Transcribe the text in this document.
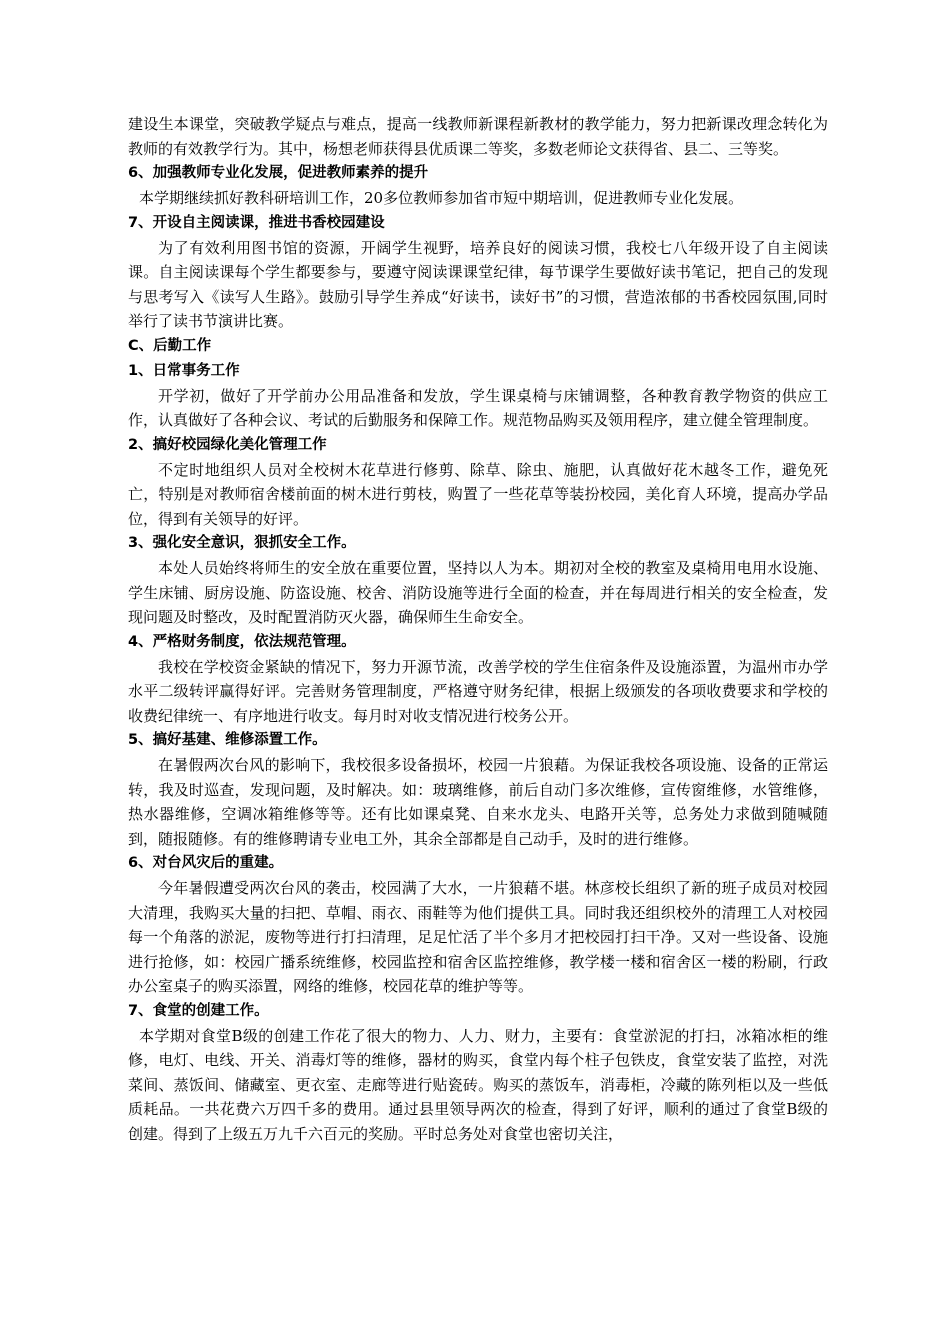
建设生本课堂，突破教学疑点与难点，提高一线教师新课程新教材的教学能力，努力把新课改理念转化为教师的有效教学行为。其中，杨想老师获得县优质课二等奖，多数老师论文获得省、县二、三等奖。

6、加强教师专业化发展，促进教师素养的提升

本学期继续抓好教科研培训工作，20多位教师参加省市短中期培训，促进教师专业化发展。

7、开设自主阅读课，推进书香校园建设

为了有效利用图书馆的资源，开阔学生视野，培养良好的阅读习惯，我校七八年级开设了自主阅读课。自主阅读课每个学生都要参与，要遵守阅读课课堂纪律，每节课学生要做好读书笔记，把自己的发现与思考写入《读写人生路》。鼓励引导学生养成“好读书，读好书”的习惯，营造浓郁的书香校园氛围,同时举行了读书节演讲比赛。

C、后勤工作
1、日常事务工作

开学初，做好了开学前办公用品准备和发放，学生课桌椅与床铺调整，各种教育教学物资的供应工作，认真做好了各种会议、考试的后勤服务和保障工作。规范物品购买及领用程序，建立健全管理制度。

2、搞好校园绿化美化管理工作

不定时地组织人员对全校树木花草进行修剪、除草、除虫、施肥，认真做好花木越冬工作，避免死亡，特别是对教师宿舍楼前面的树木进行剪枝，购置了一些花草等装扮校园，美化育人环境，提高办学品位，得到有关领导的好评。

3、强化安全意识，狠抓安全工作。

本处人员始终将师生的安全放在重要位置，坚持以人为本。期初对全校的教室及桌椅用电用水设施、学生床铺、厨房设施、防盗设施、校舍、消防设施等进行全面的检查，并在每周进行相关的安全检查，发现问题及时整改，及时配置消防灭火器，确保师生生命安全。

4、严格财务制度，依法规范管理。

我校在学校资金紧缺的情况下，努力开源节流，改善学校的学生住宿条件及设施添置，为温州市办学水平二级转评赢得好评。完善财务管理制度，严格遵守财务纪律，根据上级颁发的各项收费要求和学校的收费纪律统一、有序地进行收支。每月时对收支情况进行校务公开。

5、搞好基建、维修添置工作。

在暑假两次台风的影响下，我校很多设备损坏，校园一片狼藉。为保证我校各项设施、设备的正常运转，我及时巡查，发现问题，及时解决。如：玻璃维修，前后自动门多次维修，宣传窗维修，水管维修，热水器维修，空调冰箱维修等等。还有比如课桌凳、自来水龙头、电路开关等，总务处力求做到随喊随到，随报随修。有的维修聘请专业电工外，其余全部都是自己动手，及时的进行维修。

6、对台风灾后的重建。

今年暑假遭受两次台风的袭击，校园满了大水，一片狼藉不堪。林彦校长组织了新的班子成员对校园大清理，我购买大量的扫把、草帽、雨衣、雨鞋等为他们提供工具。同时我还组织校外的清理工人对校园每一个角落的淤泥，废物等进行打扫清理，足足忙活了半个多月才把校园打扫干净。又对一些设备、设施进行抢修，如：校园广播系统维修，校园监控和宿舍区监控维修，教学楼一楼和宿舍区一楼的粉刷，行政办公室桌子的购买添置，网络的维修，校园花草的维护等等。

7、食堂的创建工作。

本学期对食堂B级的创建工作花了很大的物力、人力、财力，主要有：食堂淤泥的打扫，冰箱冰柜的维修，电灯、电线、开关、消毒灯等的维修，器材的购买，食堂内每个柱子包铁皮，食堂安装了监控，对洗菜间、蒸饭间、储藏室、更衣室、走廊等进行贴瓷砖。购买的蒸饭车，消毒柜，冷藏的陈列柜以及一些低质耗品。一共花费六万四千多的费用。通过县里领导两次的检查，得到了好评，顺利的通过了食堂B级的创建。得到了上级五万九千六百元的奖励。平时总务处对食堂也密切关注，
